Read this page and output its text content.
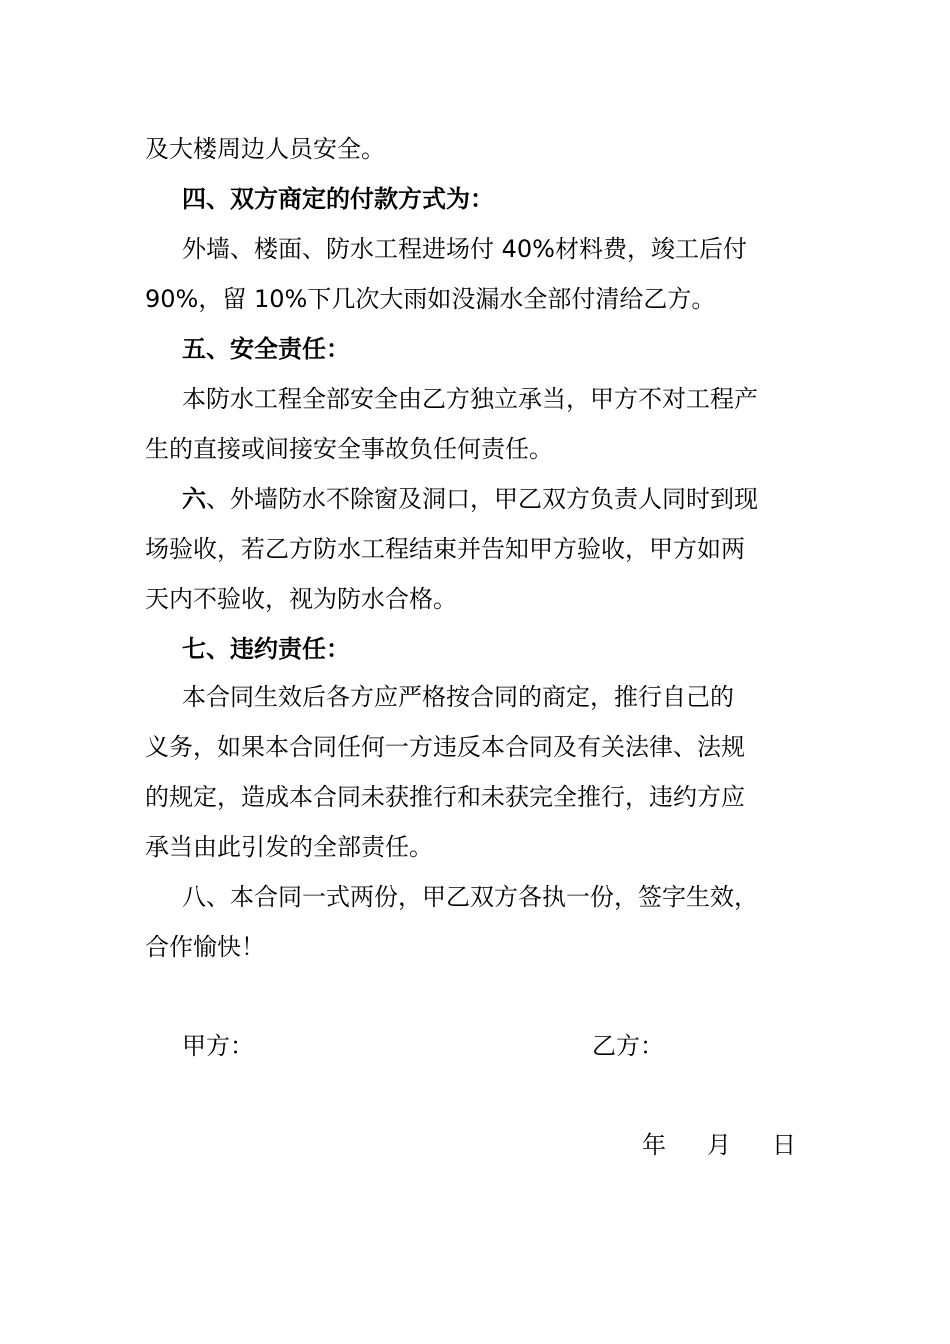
及大楼周边人员安全。
四、双方商定的付款方式为：
外墙、楼面、防水工程进场付 40%材料费，竣工后付
90%，留 10%下几次大雨如没漏水全部付清给乙方。
五、安全责任：
本防水工程全部安全由乙方独立承当，甲方不对工程产
生的直接或间接安全事故负任何责任。
六、外墙防水不除窗及洞口，甲乙双方负责人同时到现
场验收，若乙方防水工程结束并告知甲方验收，甲方如两
天内不验收，视为防水合格。
七、违约责任：
本合同生效后各方应严格按合同的商定，推行自己的
义务，如果本合同任何一方违反本合同及有关法律、法规
的规定，造成本合同未获推行和未获完全推行，违约方应
承当由此引发的全部责任。
八、本合同一式两份，甲乙双方各执一份，签字生效，
合作愉快！
甲方：	乙方：
年 月 日
